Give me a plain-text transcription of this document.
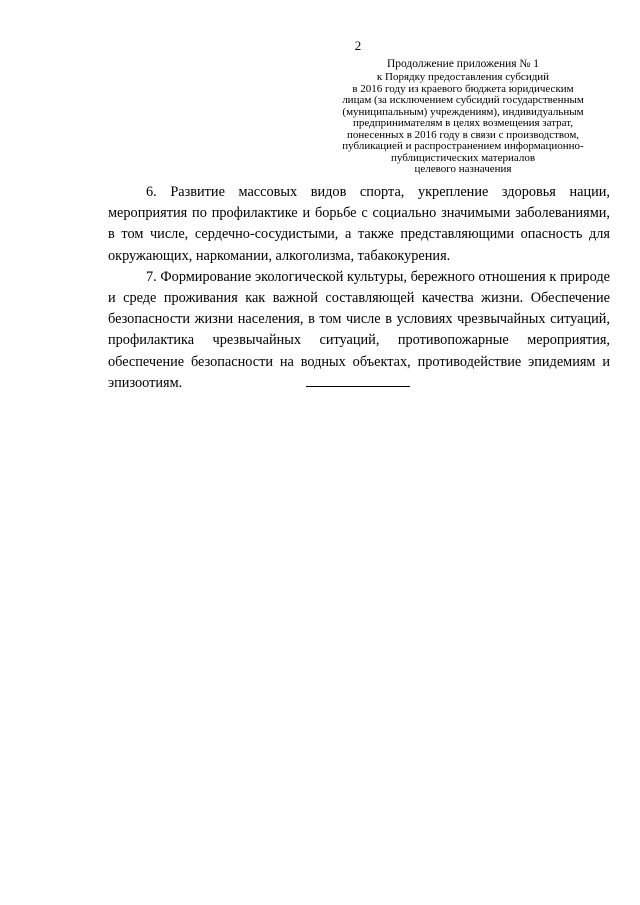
2
Продолжение приложения № 1
к Порядку предоставления субсидий
в 2016 году из краевого бюджета юридическим
лицам (за исключением субсидий государственным
(муниципальным) учреждениям), индивидуальным
предпринимателям в целях возмещения затрат,
понесенных в 2016 году в связи с производством,
публикацией и распространением информационно-
публицистических материалов
целевого назначения

6. Развитие массовых видов спорта, укрепление здоровья нации, мероприятия по профилактике и борьбе с социально значимыми заболеваниями, в том числе, сердечно-сосудистыми, а также представляющими опасность для окружающих, наркомании, алкоголизма, табакокурения.

7. Формирование экологической культуры, бережного отношения к природе и среде проживания как важной составляющей качества жизни. Обеспечение безопасности жизни населения, в том числе в условиях чрезвычайных ситуаций, профилактика чрезвычайных ситуаций, противопожарные мероприятия, обеспечение безопасности на водных объектах, противодействие эпидемиям и эпизоотиям.
